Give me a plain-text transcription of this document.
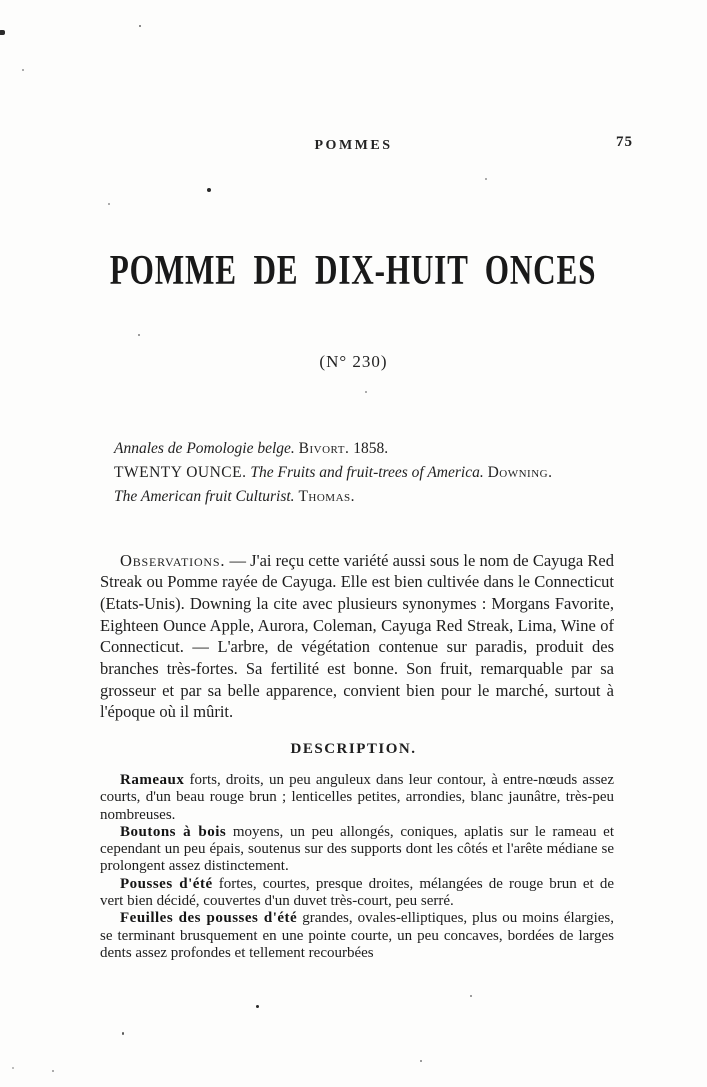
POMMES	75
POMME DE DIX-HUIT ONCES
(N° 230)
Annales de Pomologie belge. Bivort. 1858.
TWENTY OUNCE. The Fruits and fruit-trees of America. Downing.
The American fruit Culturist. Thomas.

Observations. — J'ai reçu cette variété aussi sous le nom de Cayuga Red Streak ou Pomme rayée de Cayuga. Elle est bien cultivée dans le Connecticut (Etats-Unis). Downing la cite avec plusieurs synonymes : Morgans Favorite, Eighteen Ounce Apple, Aurora, Coleman, Cayuga Red Streak, Lima, Wine of Connecticut. — L'arbre, de végétation contenue sur paradis, produit des branches très-fortes. Sa fertilité est bonne. Son fruit, remarquable par sa grosseur et par sa belle apparence, convient bien pour le marché, surtout à l'époque où il mûrit.

DESCRIPTION.

Rameaux forts, droits, un peu anguleux dans leur contour, à entre-nœuds assez courts, d'un beau rouge brun ; lenticelles petites, arrondies, blanc jaunâtre, très-peu nombreuses.

Boutons à bois moyens, un peu allongés, coniques, aplatis sur le rameau et cependant un peu épais, soutenus sur des supports dont les côtés et l'arête médiane se prolongent assez distinctement.

Pousses d'été fortes, courtes, presque droites, mélangées de rouge brun et de vert bien décidé, couvertes d'un duvet très-court, peu serré.

Feuilles des pousses d'été grandes, ovales-elliptiques, plus ou moins élargies, se terminant brusquement en une pointe courte, un peu concaves, bordées de larges dents assez profondes et tellement recourbées
